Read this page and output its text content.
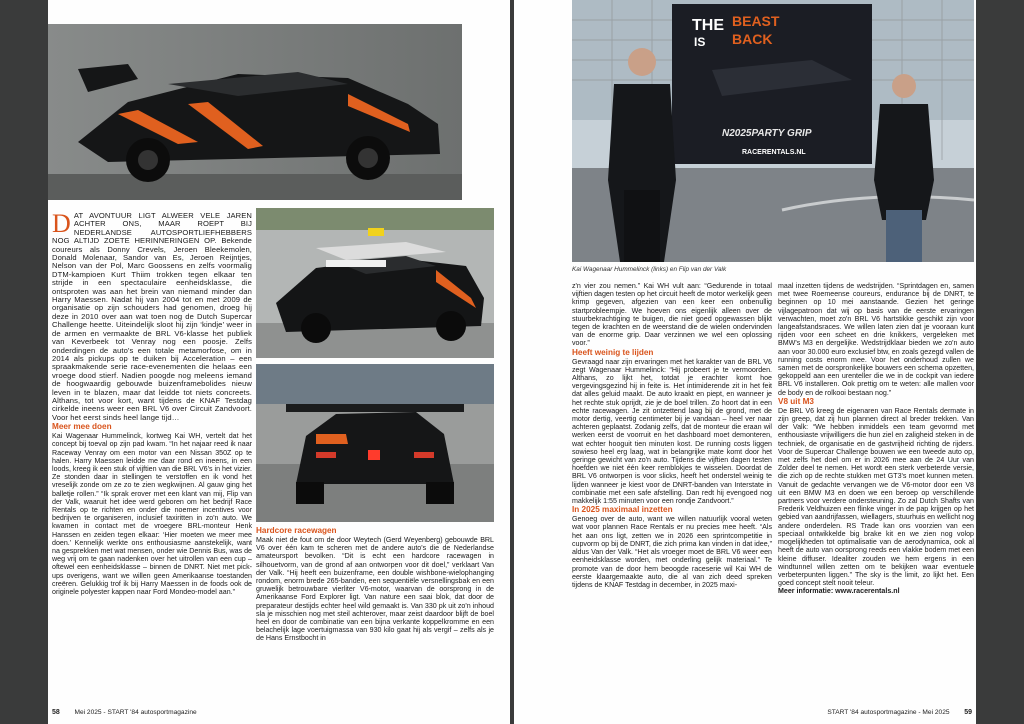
DAT AVONTUUR LIGT ALWEER VELE JAREN ACHTER ONS, MAAR ROEPT BIJ NEDERLANDSE AUTOSPORTLIEFHEBBERS NOG ALTIJD ZOETE HERINNERINGEN OP. Bekende coureurs als Donny Crevels, Jeroen Bleekemolen, Donald Molenaar, Sandor van Es, Jeroen Reijntjes, Nelson van der Pol, Marc Goossens en zelfs voormalig DTM-kampioen Kurt Thiim trokken tegen elkaar ten strijde in een spectaculaire eenheidsklasse, die ontsproten was aan het brein van niemand minder dan Harry Maessen. Nadat hij van 2004 tot en met 2009 de organisatie op zijn schouders had genomen, droeg hij deze in 2010 over aan wat toen nog de Dutch Supercar Challenge heette. Uiteindelijk sloot hij zijn ‘kindje’ weer in de armen en vermaakte de BRL V6-klasse het publiek van Keverbeek tot Venray nog een poosje. Zelfs onderdingen de auto's een totale metamorfose, om in 2014 als pickups op te duiken bij Acceleration – een spraakmakende serie race-evenementen die helaas een vroege dood stierf. Nadien poogde nog meleens iemand de hoogwaardig gebouwde buizenframebolides nieuw leven in te blazen, maar dat leidde tot niets concreets. Althans, tot voor kort, want tijdens de KNAF Testdag cirkelde ineens weer een BRL V6 over Circuit Zandvoort. Voor het eerst sinds heel lange tijd…

Meer mee doen

Kai Wagenaar Hummelinck, kortweg Kai WH, vertelt dat het concept bij toeval op zijn pad kwam. “In het najaar reed ik naar Raceway Venray om een motor van een Nissan 350Z op te halen. Harry Maessen leidde me daar rond en ineens, in een loods, kreeg ik een stuk of vijftien van die BRL V6's in het vizier. Ze stonden daar in stellingen te verstoffen en ik vond het vreselijk zonde om ze zo te zien wegkwijnen. Al gauw ging het balletje rollen.” “Ik sprak erover met een klant van mij, Flip van der Valk, waaruit het idee werd geboren om het bedrijf Race Rentals op te richten en onder die noemer incentives voor bedrijven te organiseren, inclusief taxiritten in zo'n auto. We kwamen in contact met de vroegere BRL-monteur Henk Hanssen en zeiden tegen elkaar: ‘Hier moeten we meer mee doen.’ Kennelijk werkte ons enthousiasme aanstekelijk, want na gesprekken met wat mensen, onder wie Dennis Bus, was de weg vrij om te gaan nadenken over het uitrollen van een cup – oftewel een eenheidsklasse – binnen de DNRT. Niet met pick-ups overigens, want we willen geen Amerikaanse toestanden creëren. Gelukkig trof ik bij Harry Maessen in de foods ook de originele polyester kappen naar Ford Mondeo-model aan.”

Hardcore racewagen

Maak niet de fout om de door Weytech (Gerd Weyenberg) gebouwde BRL V6 over één kam te scheren met de andere auto's die de Nederlandse amateursport bevolken. “Dit is echt een hardcore racewagen in silhouetvorm, van de grond af aan ontworpen voor dit doel,” verklaart Van der Valk. “Hij heeft een buizenframe, een double wishbone-wielophanging rondom, enorm brede 265-banden, een sequentiële versnellingsbak en een gruwelijk betrouwbare vierliter V6-motor, waarvan de oorsprong in de Amerikaanse Ford Explorer ligt. Van nature een saai blok, dat door de preparateur destijds echter heel wild gemaakt is. Van 330 pk uit zo'n inhoud sla je misschien nog met steil achterover, maar zeist daardoor blijft de boel heel en door de combinatie van een bijna verkante koppelkromme en een belachelijk lage voertuigmassa van 930 kilo gaat hij als vergif – zelfs als je de Hans Ernstbocht in

58 Mei 2025 - START '84 autosportmagazine
THE
IS
BEAST
BACK
N2025PARTY GRIP
RACERENTALS.NL
Kai Wagenaar Hummelinck (links) en Flip van der Valk

z'n vier zou nemen.” Kai WH vult aan: “Gedurende in totaal vijftien dagen testen op het circuit heeft de motor werkelijk geen krimp gegeven, afgezien van een keer een onbenullig startprobleempje. We hoeven ons eigenlijk alleen over de stuurbekrachtiging te buigen, die niet goed opgewassen blijkt tegen de krachten en de weerstand die de wielen ondervinden van de enorme grip. Daar verzinnen we wel een oplossing voor.”

Heeft weinig te lijden

Gevraagd naar zijn ervaringen met het karakter van de BRL V6 zegt Wagenaar Hummelinck: “Hij probeert je te vermoorden. Althans, zo lijkt het, totdat je erachter komt hoe vergevingsgezind hij in feite is. Het intimiderende zit in het feit dat alles geluid maakt. De auto kraakt en piept, en wanneer je het rechte stuk oprijdt, zie je de boel trillen. Zo hoort dat in een echte racewagen. Je zit ontzettend laag bij de grond, met de motor dertig, veertig centimeter bij je vandaan – heel ver naar achteren geplaatst. Zodanig zelfs, dat de monteur die eraan wil werken eerst de voorruit en het dashboard moet demonteren, wat echter hooguit tien minuten kost. De running costs liggen sowieso heel erg laag, wat in belangrijke mate komt door het geringe gewicht van zo'n auto. Tijdens die vijftien dagen testen hoefden we niet één keer remblokjes te wisselen. Doordat de BRL V6 ontworpen is voor slicks, heeft het onderstel weinig te lijden wanneer je kiest voor de DNRT-banden van Interstate in combinatie met een safe afstelling. Dan redt hij evengoed nog makkelijk 1:55 minuten voor een rondje Zandvoort.”

In 2025 maximaal inzetten

Genoeg over de auto, want we willen natuurlijk vooral weten wat voor plannen Race Rentals er nu precies mee heeft. “Als het aan ons ligt, zetten we in 2026 een sprintcompetitie in cupvorm op bij de DNRT, die zich prima kan vinden in dat idee,” aldus Van der Valk. “Het als vroeger moet de BRL V6 weer een eenheidsklasse worden, met onderling gelijk materiaal.” Te promote van de door hem beoogde raceserie wil Kai WH de eerste klaargemaakte auto, die al van zich deed spreken tijdens de KNAF Testdag in december, in 2025 maxi-

maal inzetten tijdens de wedstrijden. “Sprintdagen en, samen met twee Roemeense coureurs, endurance bij de DNRT, te beginnen op 10 mei aanstaande. Gezien het geringe vijlagepatroon dat wij op basis van de eerste ervaringen verwachten, moet zo'n BRL V6 hartstikke geschikt zijn voor langeafstandsraces. We willen laten zien dat je vooraan kunt rijden voor een scheet en drie knikkers, vergeleken met BMW's M3 en dergelijke. Wedstrijdklaar bieden we zo'n auto aan voor 30.000 euro exclusief btw, en zoals gezegd vallen de running costs enorm mee. Voor het onderhoud zullen we samen met de oorspronkelijke bouwers een schema opzetten, gekoppeld aan een urenteller die we in de cockpit van iedere BRL V6 installeren. Ook prettig om te weten: alle mallen voor de body en de rolkooi bestaan nog.”

V8 uit M3

De BRL V6 kreeg de eigenaren van Race Rentals dermate in zijn greep, dat zij hun plannen direct al breder trekken. Van der Valk: “We hebben inmiddels een team gevormd met enthousiaste vrijwilligers die hun ziel en zaligheid steken in de techniek, de organisatie en de gastvrijheid richting de rijders. Voor de Supercar Challenge bouwen we een tweede auto op, met zelfs het doel om er in 2026 mee aan de 24 Uur van Zolder deel te nemen. Het wordt een sterk verbeterde versie, die zich op de rechte stukken met GT3's moet kunnen meten. Vanuit de gedachte vervangen we de V6-motor door een V8 uit een BMW M3 en doen we een beroep op verschillende partners voor verdere ondersteuning. Zo zal Dutch Shafts van Frederik Veldhuizen een flinke vinger in de pap krijgen op het gebied van aandrijfassen, wiellagers, stuurhuis en wellicht nog andere onderdelen. RS Trade kan ons voorzien van een speciaal ontwikkelde big brake kit en we zien nog volop mogelijkheden tot optimalisatie van de aerodynamica, ook al heeft de auto van oorsprong reeds een vlakke bodem met een kleine diffuser. Idealiter zouden we hem ergens in een windtunnel willen zetten om te bekijken waar eventuele verbeterpunten liggen.” The sky is the limit, zo lijkt het. Een goed concept stelt nooit teleur.

Meer informatie: www.racerentals.nl

START '84 autosportmagazine - Mei 2025 59
